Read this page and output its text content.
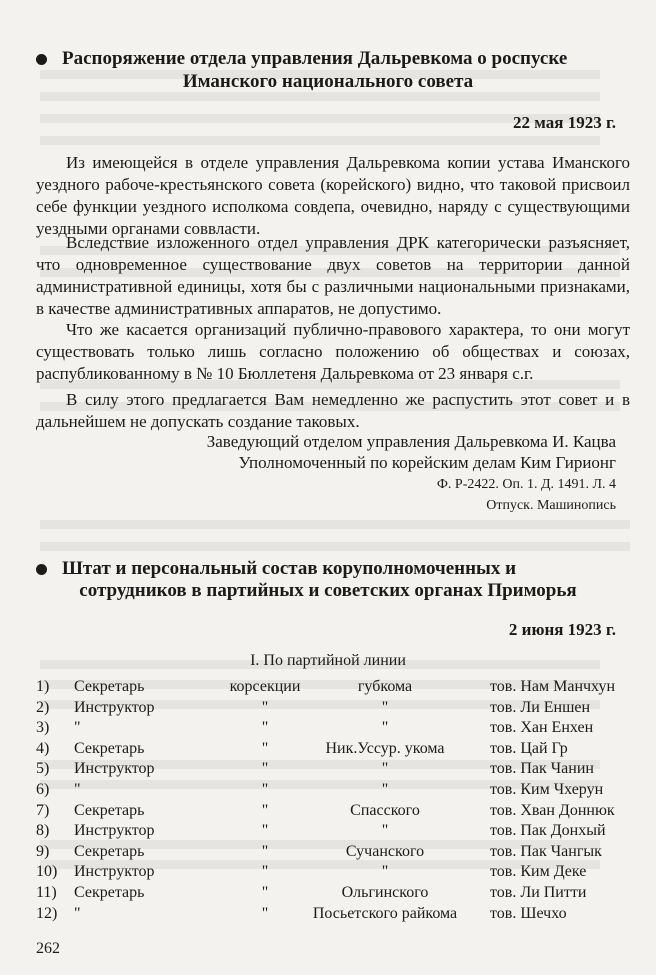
Распоряжение отдела управления Дальревкома о роспуске
Иманского национального совета
22 мая 1923 г.
Из имеющейся в отделе управления Дальревкома копии устава Иманского уездного рабоче-крестьянского совета (корейского) видно, что таковой присвоил себе функции уездного исполкома совдепа, очевидно, наряду с существующими уездными органами соввласти.
Вследствие изложенного отдел управления ДРК категорически разъясняет, что одновременное существование двух советов на территории данной административной единицы, хотя бы с различными национальными признаками, в качестве административных аппаратов, не допустимо.
Что же касается организаций публично-правового характера, то они могут существовать только лишь согласно положению об обществах и союзах, распубликованному в № 10 Бюллетеня Дальревкома от 23 января с.г.
В силу этого предлагается Вам немедленно же распустить этот совет и в дальнейшем не допускать создание таковых.
Заведующий отделом управления Дальревкома И. Кацва
Уполномоченный по корейским делам Ким Гирионг
Ф. Р-2422. Оп. 1. Д. 1491. Л. 4
Отпуск. Машинопись
Штат и персональный состав коруполномоченных и
сотрудников в партийных и советских органах Приморья
2 июня 1923 г.
I. По партийной линии
1) Секретарь	корсекции	губкома	тов. Нам Манчхун
2) Инструктор	"	"	тов. Ли Еншен
3) "	"	"	тов. Хан Енхен
4) Секретарь	"	Ник.Уссур. укома	тов. Цай Гр
5) Инструктор	"	"	тов. Пак Чанин
6) "	"	"	тов. Ким Чхерун
7) Секретарь	"	Спасского	тов. Хван Доннюк
8) Инструктор	"	"	тов. Пак Донхый
9) Секретарь	"	Сучанского	тов. Пак Чангык
10) Инструктор	"	"	тов. Ким Деке
11) Секретарь	"	Ольгинского	тов. Ли Питти
12) "	"	Посьетского райкома	тов. Шечхо
262
